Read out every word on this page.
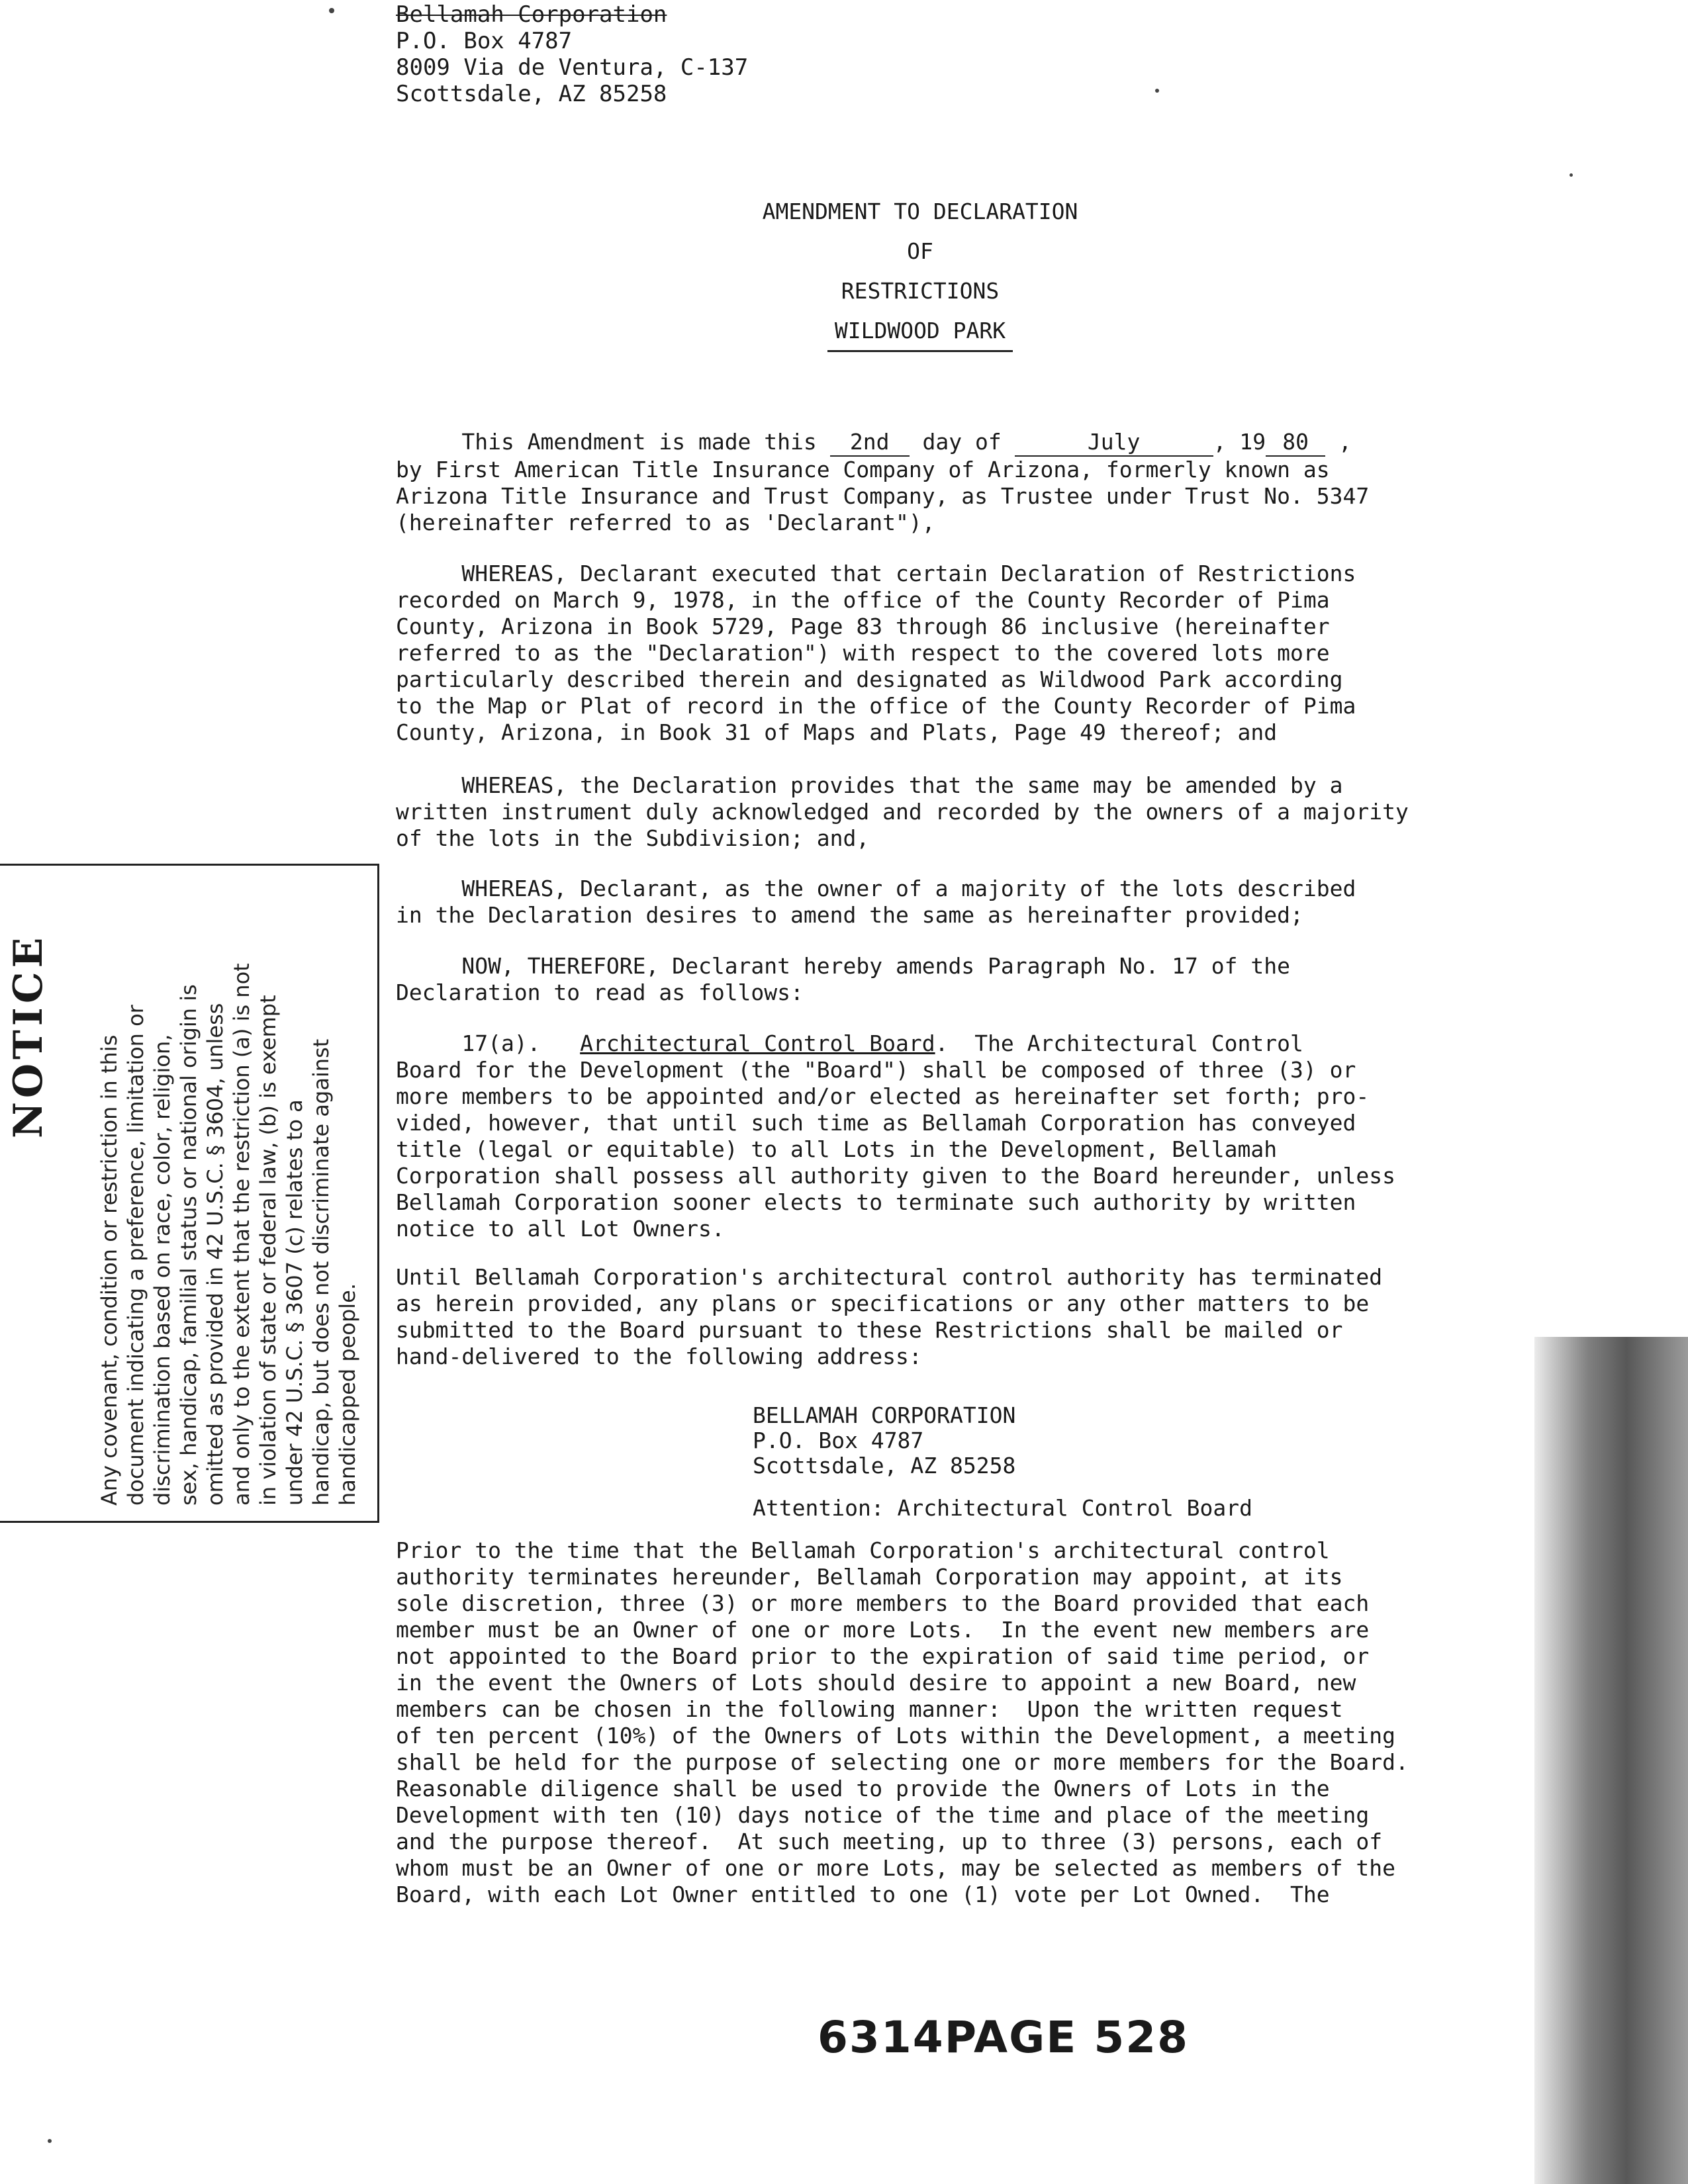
Bellamah Corporation
P.O. Box 4787
8009 Via de Ventura, C-137
Scottsdale, AZ 85258
AMENDMENT TO DECLARATION
OF
RESTRICTIONS
WILDWOOD PARK
This Amendment is made this 2nd day of	July	, 19 80 ,
by First American Title Insurance Company of Arizona, formerly known as
Arizona Title Insurance and Trust Company, as Trustee under Trust No. 5347
(hereinafter referred to as 'Declarant"),
WHEREAS, Declarant executed that certain Declaration of Restrictions
recorded on March 9, 1978, in the office of the County Recorder of Pima
County, Arizona in Book 5729, Page 83 through 86 inclusive (hereinafter
referred to as the "Declaration") with respect to the covered lots more
particularly described therein and designated as Wildwood Park according
to the Map or Plat of record in the office of the County Recorder of Pima
County, Arizona, in Book 31 of Maps and Plats, Page 49 thereof; and
WHEREAS, the Declaration provides that the same may be amended by a
written instrument duly acknowledged and recorded by the owners of a majority
of the lots in the Subdivision; and,
WHEREAS, Declarant, as the owner of a majority of the lots described
in the Declaration desires to amend the same as hereinafter provided;
NOW, THEREFORE, Declarant hereby amends Paragraph No. 17 of the
Declaration to read as follows:
17(a).   Architectural Control Board.  The Architectural Control
Board for the Development (the "Board") shall be composed of three (3) or
more members to be appointed and/or elected as hereinafter set forth; pro-
vided, however, that until such time as Bellamah Corporation has conveyed
title (legal or equitable) to all Lots in the Development, Bellamah
Corporation shall possess all authority given to the Board hereunder, unless
Bellamah Corporation sooner elects to terminate such authority by written
notice to all Lot Owners.
Until Bellamah Corporation's architectural control authority has terminated
as herein provided, any plans or specifications or any other matters to be
submitted to the Board pursuant to these Restrictions shall be mailed or
hand-delivered to the following address:
BELLAMAH CORPORATION
P.O. Box 4787
Scottsdale, AZ 85258
Attention: Architectural Control Board
Prior to the time that the Bellamah Corporation's architectural control
authority terminates hereunder, Bellamah Corporation may appoint, at its
sole discretion, three (3) or more members to the Board provided that each
member must be an Owner of one or more Lots.  In the event new members are
not appointed to the Board prior to the expiration of said time period, or
in the event the Owners of Lots should desire to appoint a new Board, new
members can be chosen in the following manner:  Upon the written request
of ten percent (10%) of the Owners of Lots within the Development, a meeting
shall be held for the purpose of selecting one or more members for the Board.
Reasonable diligence shall be used to provide the Owners of Lots in the
Development with ten (10) days notice of the time and place of the meeting
and the purpose thereof.  At such meeting, up to three (3) persons, each of
whom must be an Owner of one or more Lots, may be selected as members of the
Board, with each Lot Owner entitled to one (1) vote per Lot Owned.  The
NOTICE Any covenant, condition or restriction in this document indicating a preference, limitation or discrimination based on race, color, religion, sex, handicap, familial status or national origin is omitted as provided in 42 U.S.C. § 3604, unless and only to the extent that the restriction (a) is not in violation of state or federal law, (b) is exempt under 42 U.S.C. § 3607 (c) relates to a handicap, but does not discriminate against handicapped people.
6314PAGE 528
